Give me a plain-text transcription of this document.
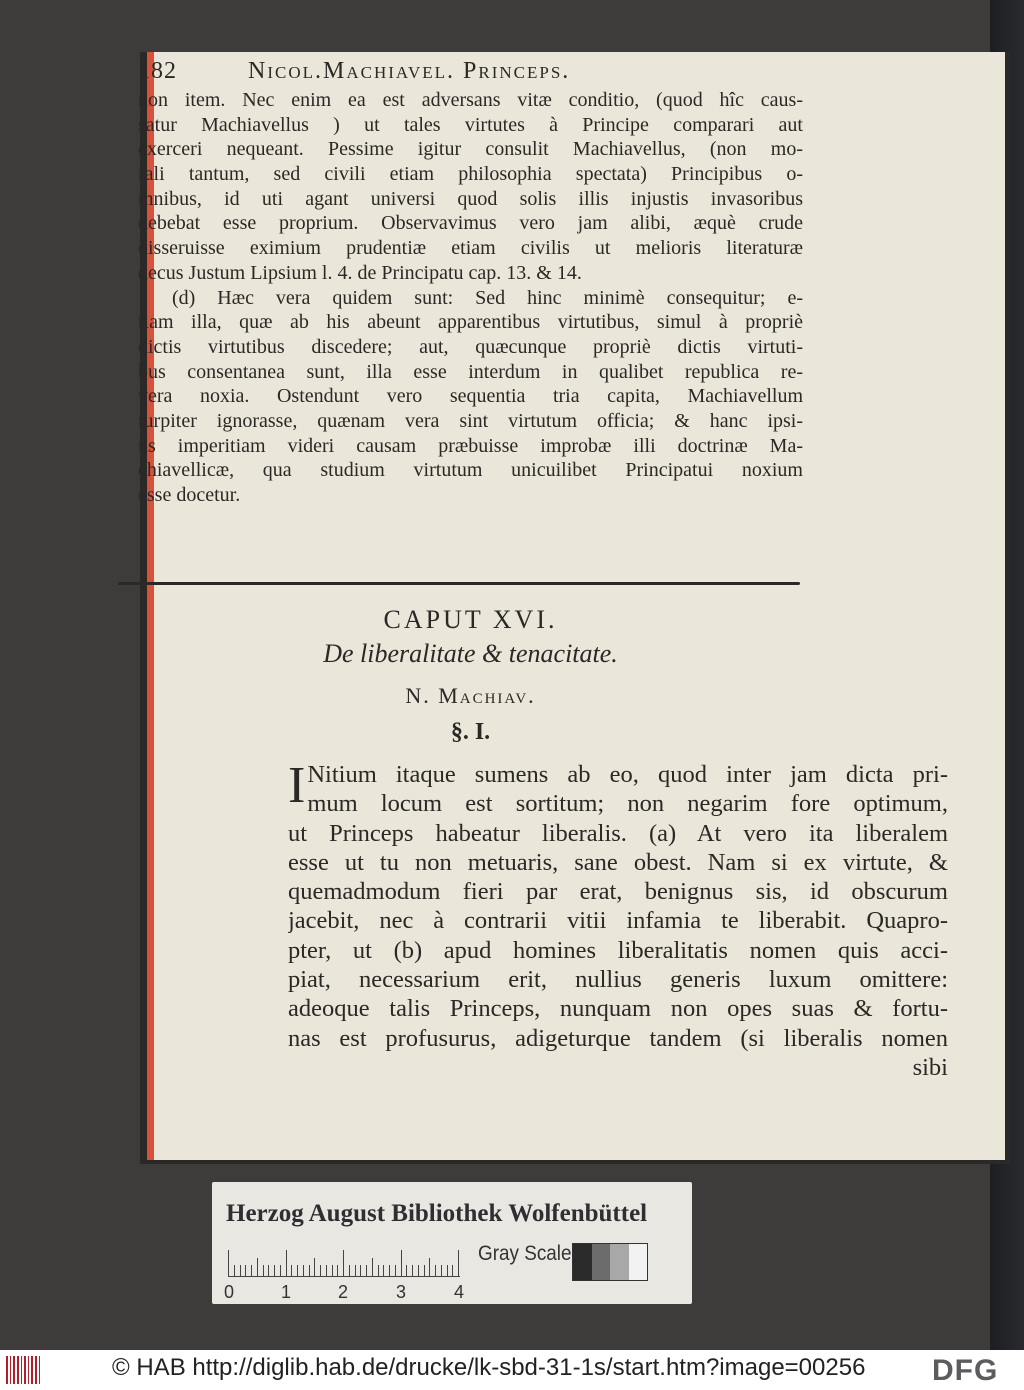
182	Nicol.Machiavel. Princeps.
non item. Nec enim ea est adversans vitæ conditio, (quod hîc caus-
satur Machiavellus ) ut tales virtutes à Principe comparari aut
exerceri nequeant. Pessime igitur consulit Machiavellus, (non mo-
rali tantum, sed civili etiam philosophia spectata) Principibus o-
mnibus, id uti agant universi quod solis illis injustis invasoribus
debebat esse proprium. Observavimus vero jam alibi, æquè crude
disseruisse eximium prudentiæ etiam civilis ut melioris literaturæ
decus Justum Lipsium l. 4. de Principatu cap. 13. & 14.
(d) Hæc vera quidem sunt: Sed hinc minimè consequitur; e-
tiam illa, quæ ab his abeunt apparentibus virtutibus, simul à propriè
dictis virtutibus discedere; aut, quæcunque propriè dictis virtuti-
bus consentanea sunt, illa esse interdum in qualibet republica re-
vera noxia. Ostendunt vero sequentia tria capita, Machiavellum
turpiter ignorasse, quænam vera sint virtutum officia; & hanc ipsi-
us imperitiam videri causam præbuisse improbæ illi doctrinæ Ma-
chiavellicæ, qua studium virtutum unicuilibet Principatui noxium
esse docetur.
CAPUT XVI.
De liberalitate & tenacitate.
N. Machiav.
§. I.
I Nitium itaque sumens ab eo, quod inter jam dicta pri-
mum locum est sortitum; non negarim fore optimum,
ut Princeps habeatur liberalis. (a) At vero ita liberalem
esse ut tu non metuaris, sane obest. Nam si ex virtute, &
quemadmodum fieri par erat, benignus sis, id obscurum
jacebit, nec à contrarii vitii infamia te liberabit. Quapro-
pter, ut (b) apud homines liberalitatis nomen quis acci-
piat, necessarium erit, nullius generis luxum omittere:
adeoque talis Princeps, nunquam non opes suas & fortu-
nas est profusurus, adigeturque tandem (si liberalis nomen
sibi
Herzog August Bibliothek Wolfenbüttel
0	1	2	3	4
Gray Scale
© HAB http://diglib.hab.de/drucke/lk-sbd-31-1s/start.htm?image=00256 DFG
